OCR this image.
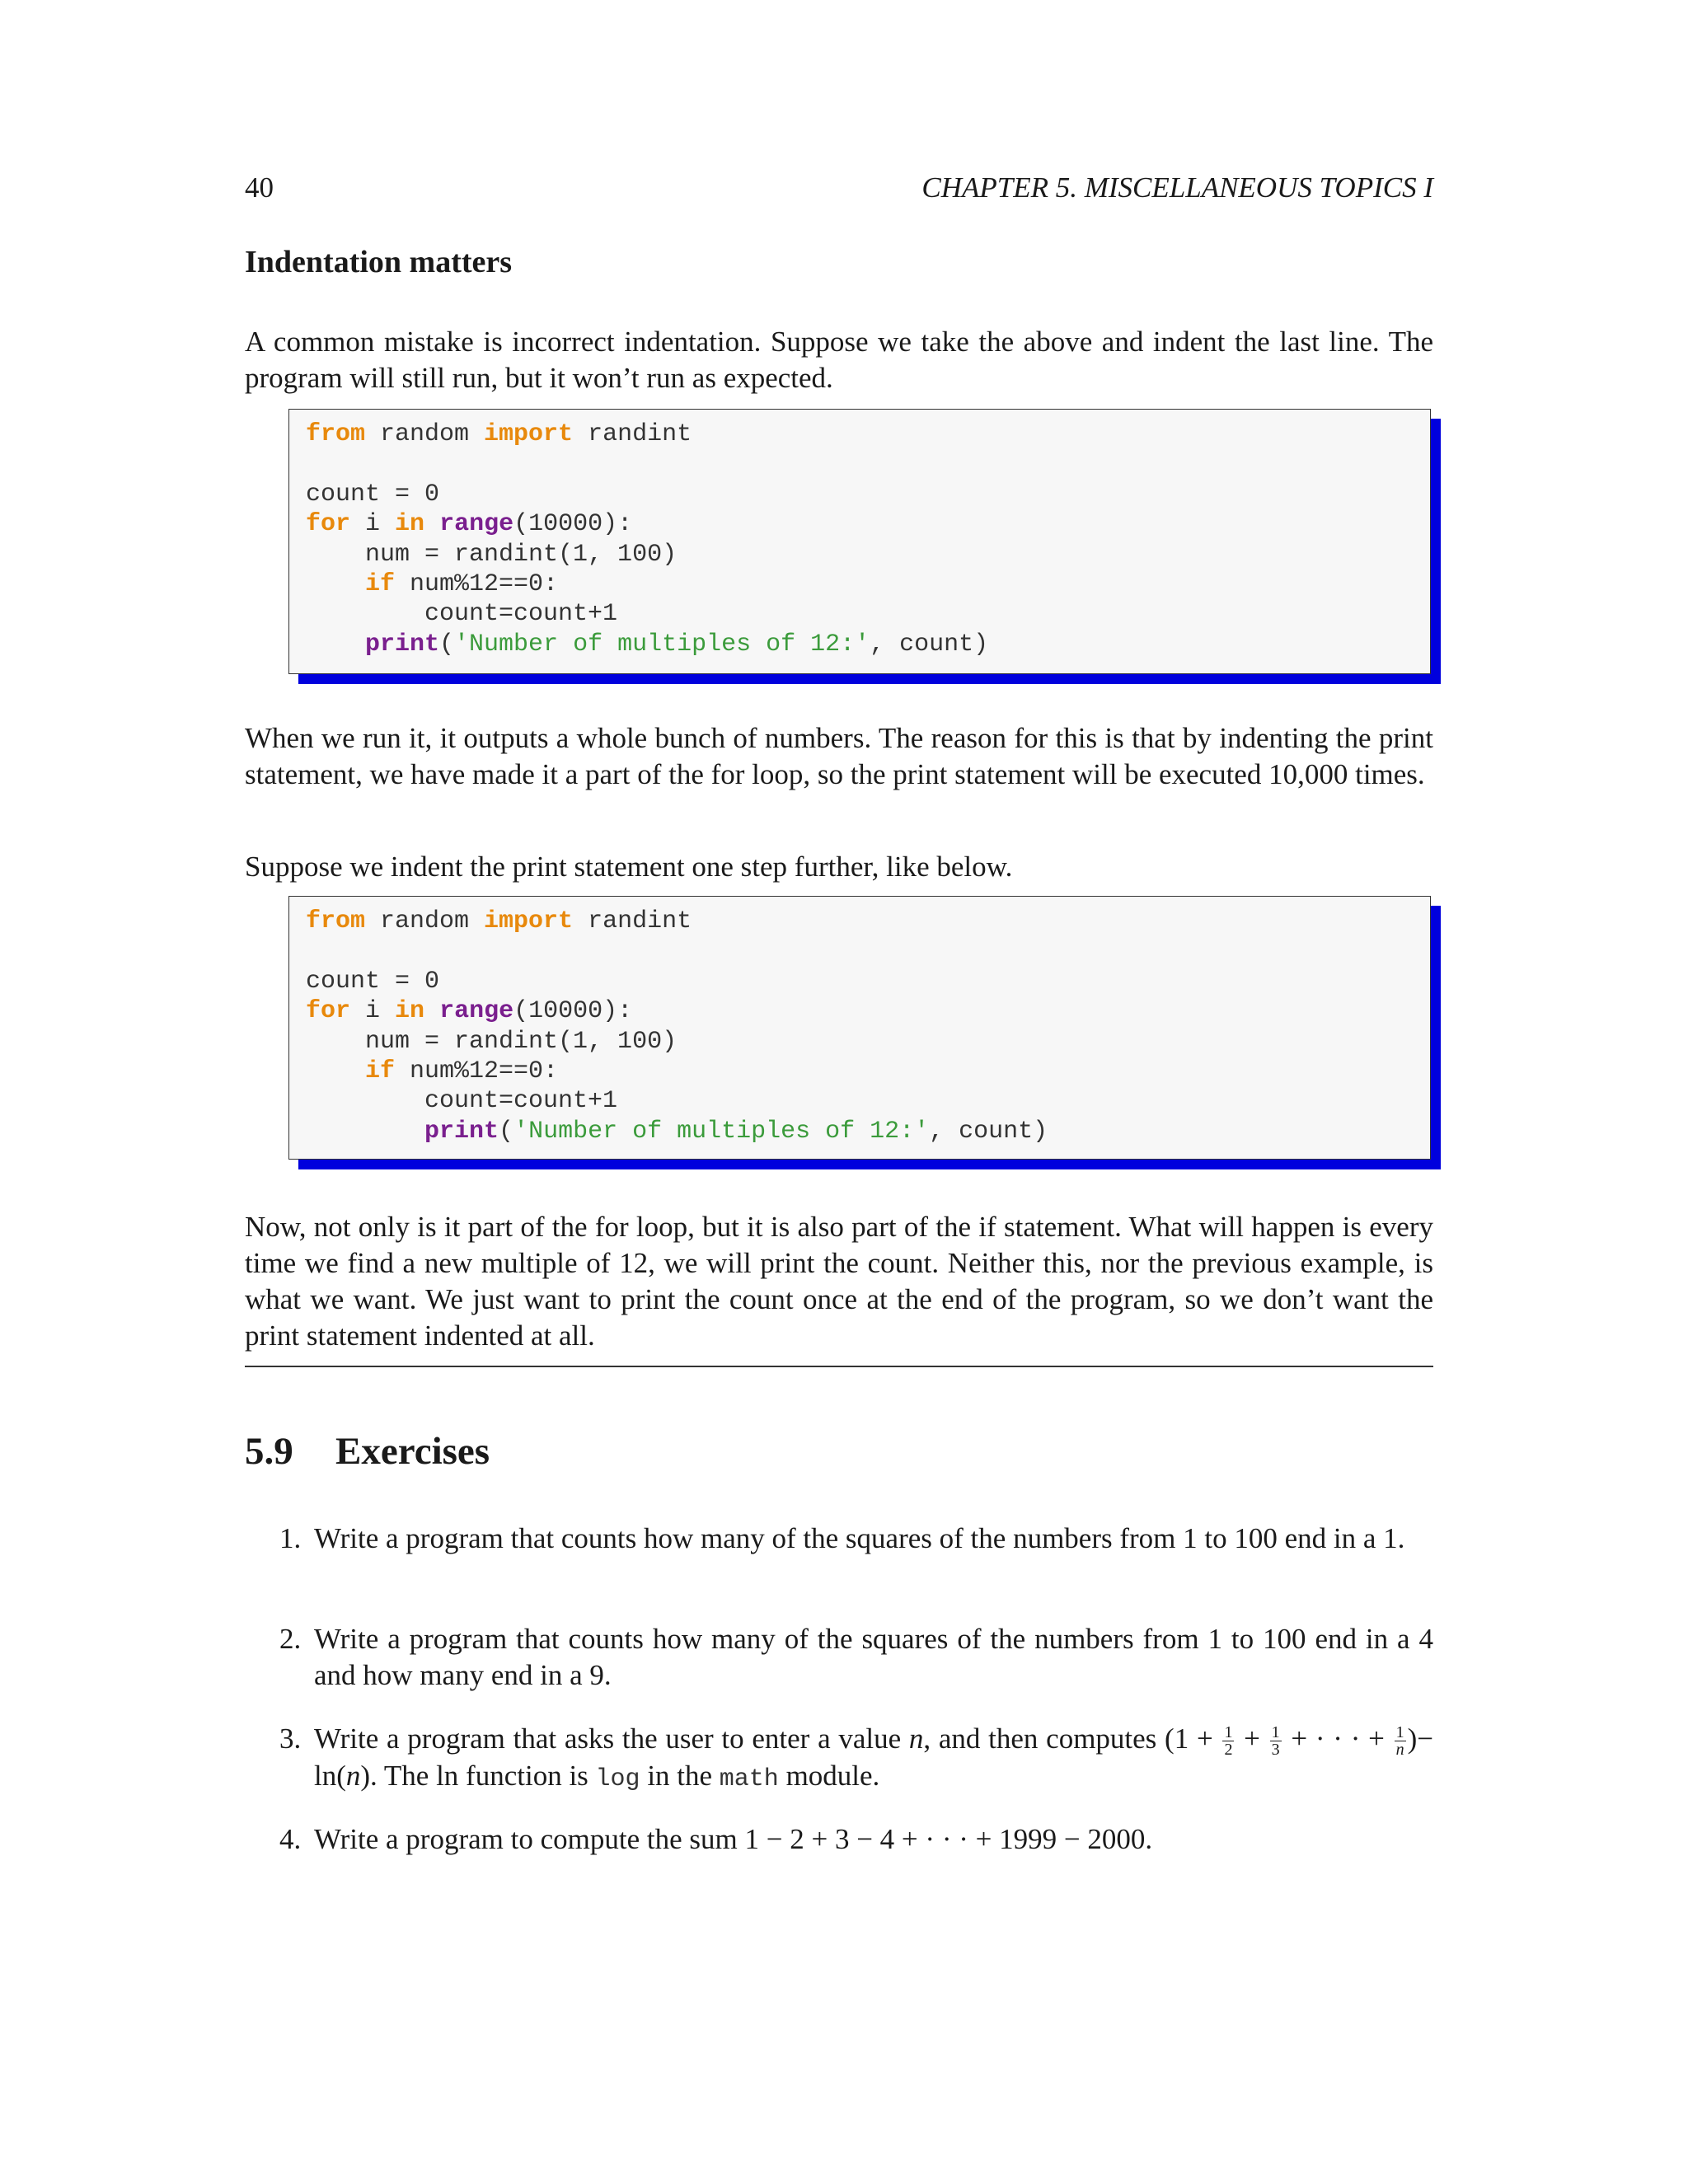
40	CHAPTER 5. MISCELLANEOUS TOPICS I
Indentation matters

A common mistake is incorrect indentation. Suppose we take the above and indent the last line. The program will still run, but it won’t run as expected.

from random import randint
count = 0
for i in range(10000):
num = randint(1, 100)
if num%12==0:
count=count+1
print('Number of multiples of 12:', count)

When we run it, it outputs a whole bunch of numbers. The reason for this is that by indenting the print statement, we have made it a part of the for loop, so the print statement will be executed 10,000 times.

Suppose we indent the print statement one step further, like below.

from random import randint
count = 0
for i in range(10000):
num = randint(1, 100)
if num%12==0:
count=count+1
print('Number of multiples of 12:', count)

Now, not only is it part of the for loop, but it is also part of the if statement. What will happen is every time we find a new multiple of 12, we will print the count. Neither this, nor the previous example, is what we want. We just want to print the count once at the end of the program, so we don’t want the print statement indented at all.

5.9 Exercises
1. Write a program that counts how many of the squares of the numbers from 1 to 100 end in a 1.
2. Write a program that counts how many of the squares of the numbers from 1 to 100 end in a 4 and how many end in a 9.
3. Write a program that asks the user to enter a value n, and then computes ($1 + \frac{1}{2} + \frac{1}{3}$ + · · · + $\frac{1}{n}$ )− ln(n). The ln function is log in the math module.
4. Write a program to compute the sum 1 − 2 + 3 − 4 + · · · + 1999 − 2000.
